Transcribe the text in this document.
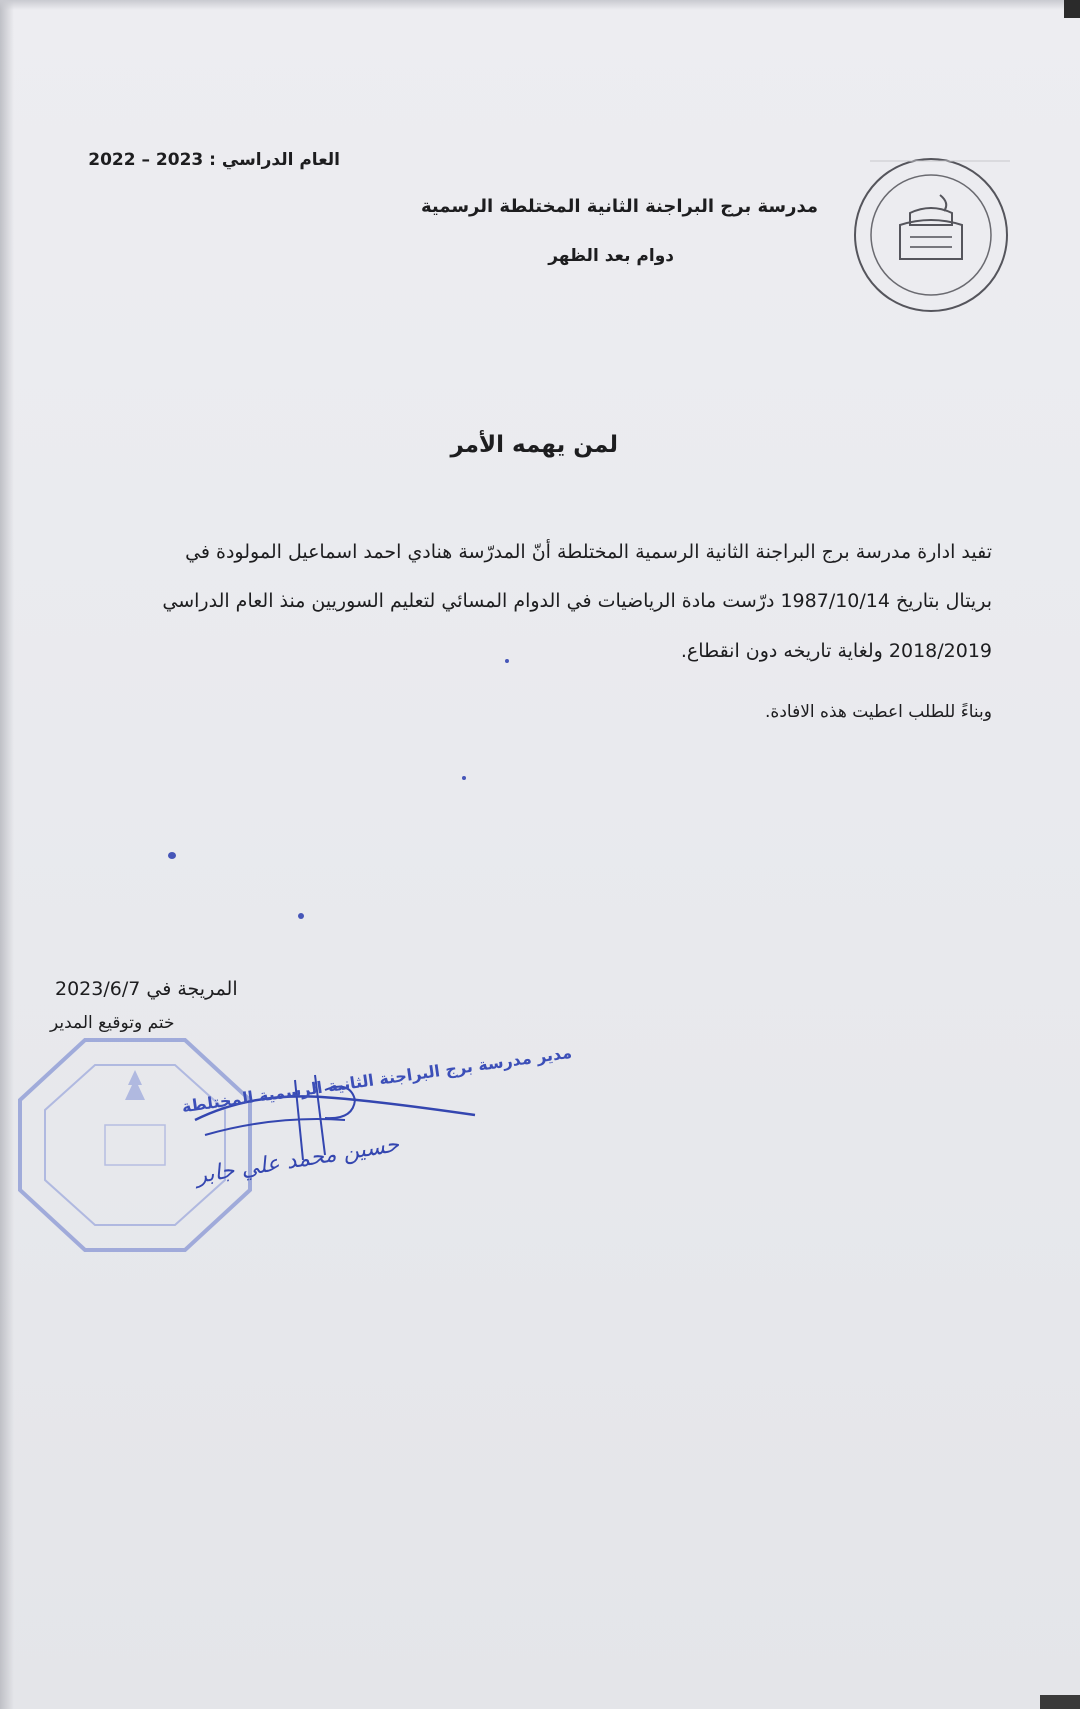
العام الدراسي : 2023 – 2022
مدرسة برج البراجنة الثانية المختلطة الرسمية
دوام بعد الظهر
لمن يهمه الأمر
تفيد ادارة مدرسة برج البراجنة الثانية الرسمية المختلطة أنّ المدرّسة هنادي احمد اسماعيل المولودة في
بريتال بتاريخ 1987/10/14 درّست مادة الرياضيات في الدوام المسائي لتعليم السوريين منذ العام الدراسي
2018/2019 ولغاية تاريخه دون انقطاع.
وبناءً للطلب اعطيت هذه الافادة.
المريجة في 2023/6/7
ختم وتوقيع المدير
مدير مدرسة برج البراجنة الثانية الرسمية المختلطة
حسين محمد علي جابر
